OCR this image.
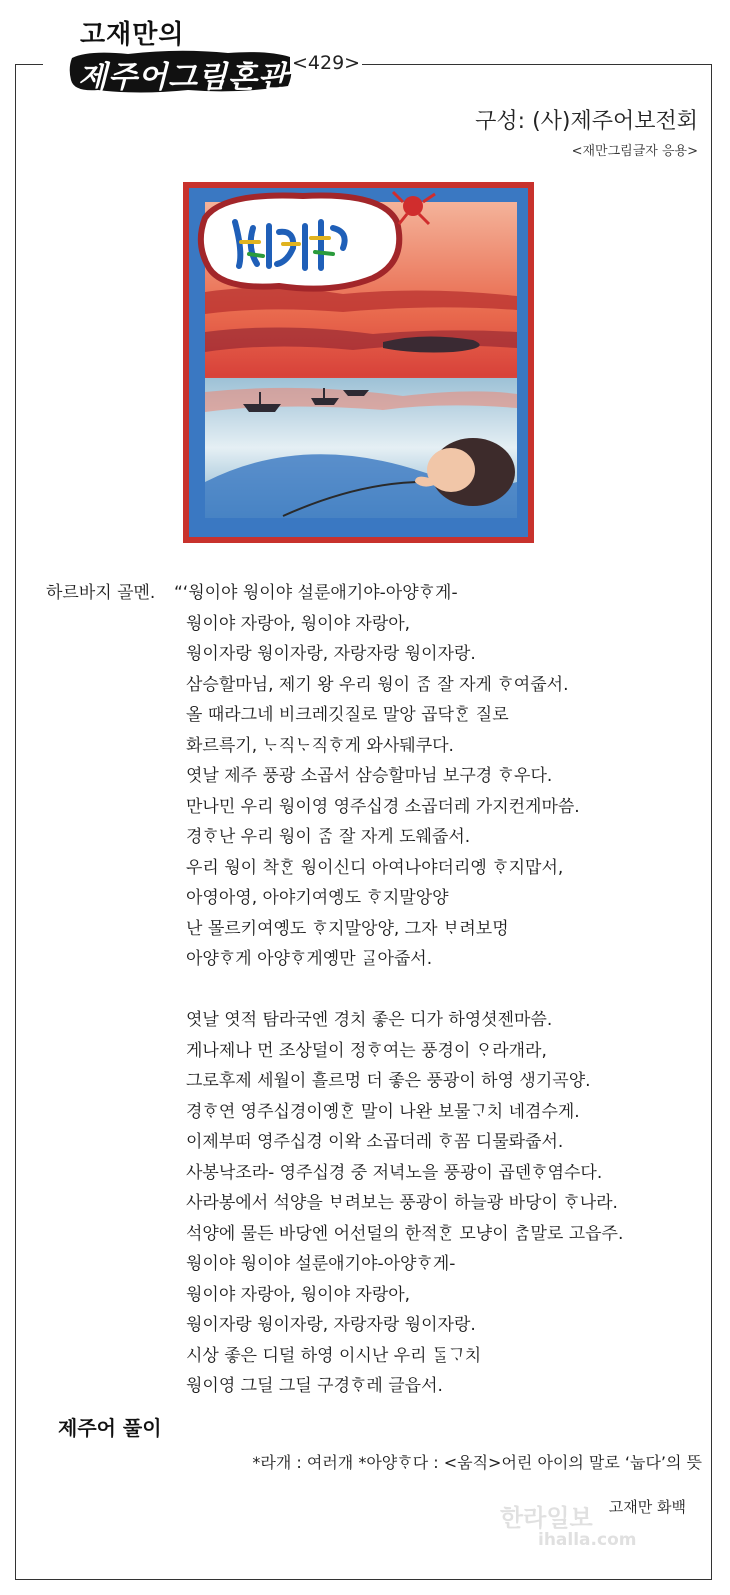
고재만의
제주어그림혼관 <429>
구성: (사)제주어보전회
<재만그림글자 응용>
하르바지 골멘. “‘웡이야 웡이야 설룬애기야-아양ᄒᆞ게-
웡이야 자랑아, 웡이야 자랑아,
웡이자랑 웡이자랑, 자랑자랑 웡이자랑.
삼승할마님, 제기 왕 우리 웡이 ᄌᆞᆷ 잘 자게 ᄒᆞ여줍서.
올 때라그네 비크레깃질로 말앙 곱닥ᄒᆞᆫ 질로
화르륵기, ᄂᆞ직ᄂᆞ직ᄒᆞ게 와사뒈쿠다.
엿날 제주 풍광 소곱서 삼승할마님 보구경 ᄒᆞ우다.
만나민 우리 웡이영 영주십경 소곱더레 가지컨게마씀.
경ᄒᆞ난 우리 웡이 ᄌᆞᆷ 잘 자게 도웨줍서.
우리 웡이 착ᄒᆞᆫ 웡이신디 아여나야더리옝 ᄒᆞ지맙서,
아영아영, 아야기여옝도 ᄒᆞ지말앙양
난 몰르키여옝도 ᄒᆞ지말앙양, 그자 ᄇᆞ려보멍
아양ᄒᆞ게 아양ᄒᆞ게옝만 ᄀᆞᆯ아줍서.
엿날 엿적 탐라국엔 경치 좋은 디가 하영셧젠마씀.
게나제나 먼 조상덜이 정ᄒᆞ여는 풍경이 ᄋᆞ라개라,
그로후제 세월이 흘르멍 더 좋은 풍광이 하영 생기곡양.
경ᄒᆞ연 영주십경이옝ᄒᆞᆫ 말이 나완 보물ᄀᆞ치 네겸수게.
이제부떠 영주십경 이왁 소곱더레 ᄒᆞ꼼 디물롸줍서.
사봉낙조라- 영주십경 중 저녁노을 풍광이 곱덴ᄒᆞ염수다.
사라봉에서 석양을 ᄇᆞ려보는 풍광이 하늘광 바당이 ᄒᆞ나라.
석양에 물든 바당엔 어선덜의 한적ᄒᆞᆫ 모냥이 ᄎᆞᆷ말로 고읍주.
웡이야 웡이야 설룬애기야-아양ᄒᆞ게-
웡이야 자랑아, 웡이야 자랑아,
웡이자랑 웡이자랑, 자랑자랑 웡이자랑.
시상 좋은 디덜 하영 이시난 우리 ᄃᆞᆯᄀᆞ치
웡이영 그딜 그딜 구경ᄒᆞ레 글읍서.
제주어 풀이
*라개 : 여러개 *아양ᄒᆞ다 : <움직>어린 아이의 말로 ‘눕다’의 뜻
한라일보
ihalla.com
고재만 화백
